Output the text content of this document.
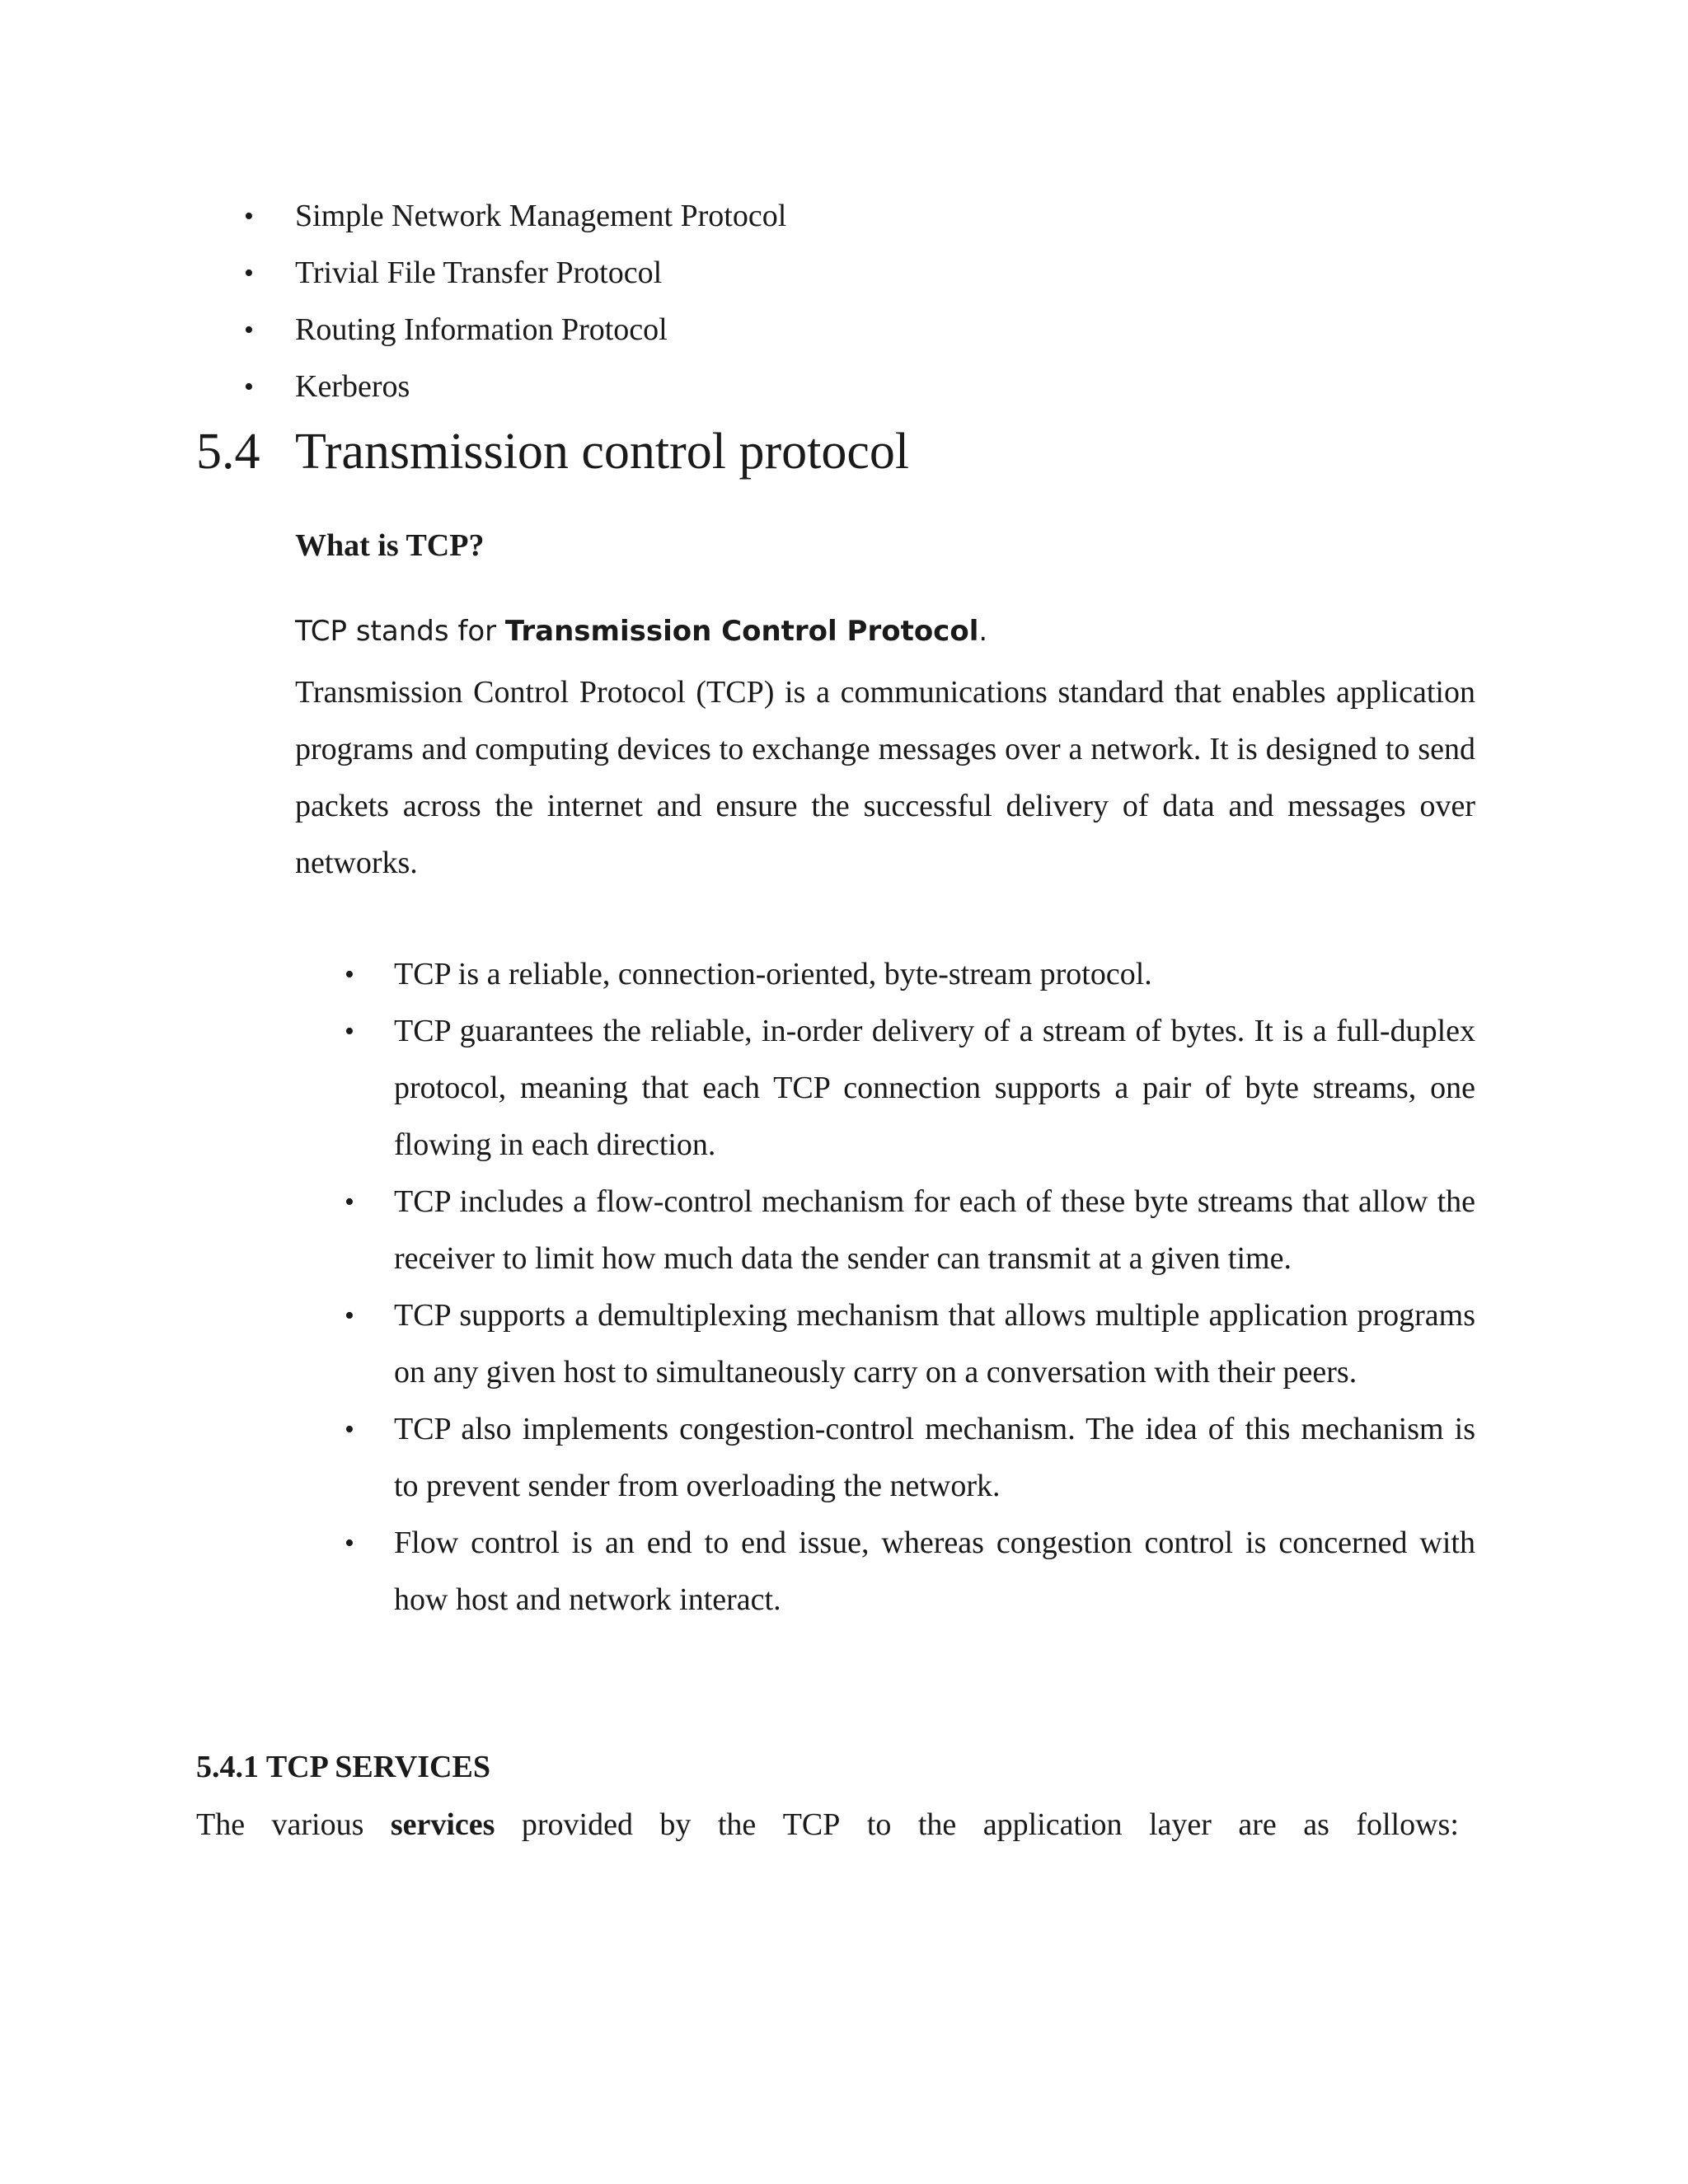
• Simple Network Management Protocol
• Trivial File Transfer Protocol
• Routing Information Protocol
• Kerberos
5.4 Transmission control protocol
What is TCP?
TCP stands for Transmission Control Protocol.
Transmission Control Protocol (TCP) is a communications standard that enables application programs and computing devices to exchange messages over a network. It is designed to send packets across the internet and ensure the successful delivery of data and messages over networks.
• TCP is a reliable, connection-oriented, byte-stream protocol.
• TCP guarantees the reliable, in-order delivery of a stream of bytes. It is a full-duplex protocol, meaning that each TCP connection supports a pair of byte streams, one flowing in each direction.
• TCP includes a flow-control mechanism for each of these byte streams that allow the receiver to limit how much data the sender can transmit at a given time.
• TCP supports a demultiplexing mechanism that allows multiple application programs on any given host to simultaneously carry on a conversation with their peers.
• TCP also implements congestion-control mechanism. The idea of this mechanism is to prevent sender from overloading the network.
• Flow control is an end to end issue, whereas congestion control is concerned with how host and network interact.
5.4.1 TCP SERVICES
The various services provided by the TCP to the application layer are as follows:
